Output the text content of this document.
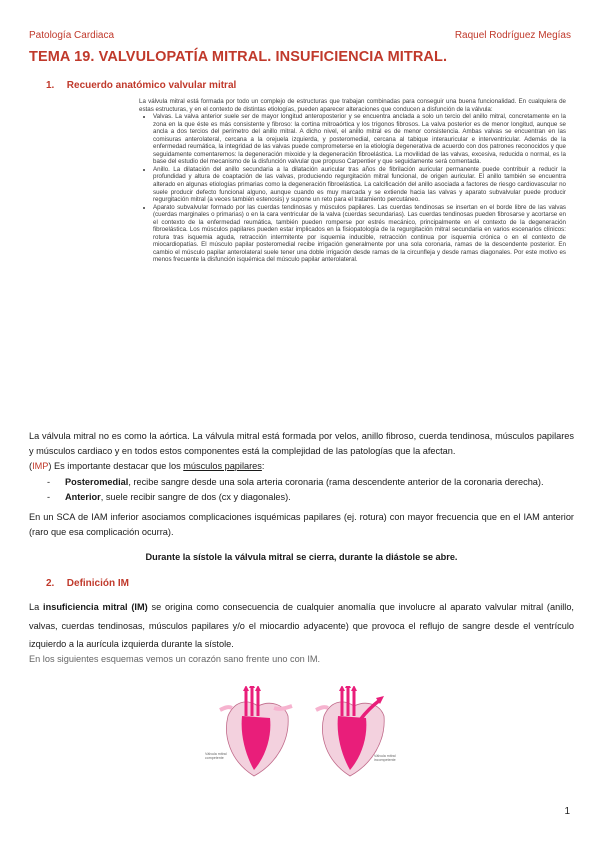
Patología Cardiaca	Raquel Rodríguez Megías
TEMA 19. VALVULOPATÍA MITRAL. INSUFICIENCIA MITRAL.
1. Recuerdo anatómico valvular mitral

La válvula mitral está formada por todo un complejo de estructuras que trabajan combinadas para conseguir una buena funcionalidad. En cualquiera de estas estructuras, y en el contexto de distintas etiologías, pueden aparecer alteraciones que conducen a disfunción de la válvula:

• Valvas. La valva anterior suele ser de mayor longitud anteroposterior y se encuentra anclada a solo un tercio del anillo mitral, concretamente en la zona en la que éste es más consistente y fibroso: la cortina mitroaórtica y los trígonos fibrosos. La valva posterior es de menor longitud, aunque se ancla a dos tercios del perímetro del anillo mitral. A dicho nivel, el anillo mitral es de menor consistencia. Ambas valvas se encuentran en las comisuras anterolateral, cercana a la orejuela izquierda, y posteromedial, cercana al tabique interauricular e interventricular. Además de la enfermedad reumática, la integridad de las valvas puede comprometerse en la etiología degenerativa de acuerdo con dos patrones reconocidos y que seguidamente comentaremos: la degeneración mixoide y la degeneración fibroelástica. La movilidad de las valvas, excesiva, reducida o normal, es la base del estudio del mecanismo de la disfunción valvular que propuso Carpentier y que seguidamente será comentada.
• Anillo. La dilatación del anillo secundaria a la dilatación auricular tras años de fibrilación auricular permanente puede contribuir a reducir la profundidad y altura de coaptación de las valvas, produciendo regurgitación mitral funcional, de origen auricular. El anillo también se encuentra alterado en algunas etiologías primarias como la degeneración fibroelástica. La calcificación del anillo asociada a factores de riesgo cardiovascular no suele producir defecto funcional alguno, aunque cuando es muy marcada y se extiende hacia las valvas y aparato subvalvular puede producir regurgitación mitral (a veces también estenosis) y supone un reto para el tratamiento percutáneo.
• Aparato subvalvular formado por las cuerdas tendinosas y músculos papilares. Las cuerdas tendinosas se insertan en el borde libre de las valvas (cuerdas marginales o primarias) o en la cara ventricular de la valva (cuerdas secundarias). Las cuerdas tendinosas pueden fibrosarse y acortarse en el contexto de la enfermedad reumática, también pueden romperse por estrés mecánico, principalmente en el contexto de la degeneración fibroelástica. Los músculos papilares pueden estar implicados en la fisiopatología de la regurgitación mitral secundaria en varios escenarios clínicos: rotura tras isquemia aguda, retracción intermitente por isquemia inducible, retracción continua por isquemia crónica o en el contexto de miocardiopatías. El músculo papilar posteromedial recibe irrigación generalmente por una sola coronaria, ramas de la descendente posterior. En cambio el músculo papilar anterolateral suele tener una doble irrigación desde ramas de la circunfleja y desde ramas diagonales. Por este motivo es menos frecuente la disfunción isquémica del músculo papilar anterolateral.
La válvula mitral no es como la aórtica. La válvula mitral está formada por velos, anillo fibroso, cuerda tendinosa, músculos papilares y músculos cardiaco y en todos estos componentes está la complejidad de las patologías que la afectan.
(IMP) Es importante destacar que los músculos papilares:
- Posteromedial, recibe sangre desde una sola arteria coronaria (rama descendente anterior de la coronaria derecha).
- Anterior, suele recibir sangre de dos (cx y diagonales).
En un SCA de IAM inferior asociamos complicaciones isquémicas papilares (ej. rotura) con mayor frecuencia que en el IAM anterior (raro que esa complicación ocurra).
Durante la sístole la válvula mitral se cierra, durante la diástole se abre.
2. Definición IM
La insuficiencia mitral (IM) se origina como consecuencia de cualquier anomalía que involucre al aparato valvular mitral (anillo, valvas, cuerdas tendinosas, músculos papilares y/o el miocardio adyacente) que provoca el reflujo de sangre desde el ventrículo izquierdo a la aurícula izquierda durante la sístole.
En los siguientes esquemas vemos un corazón sano frente uno con IM.
Válvula mitral competente
Válvula mitral incompetente
1
